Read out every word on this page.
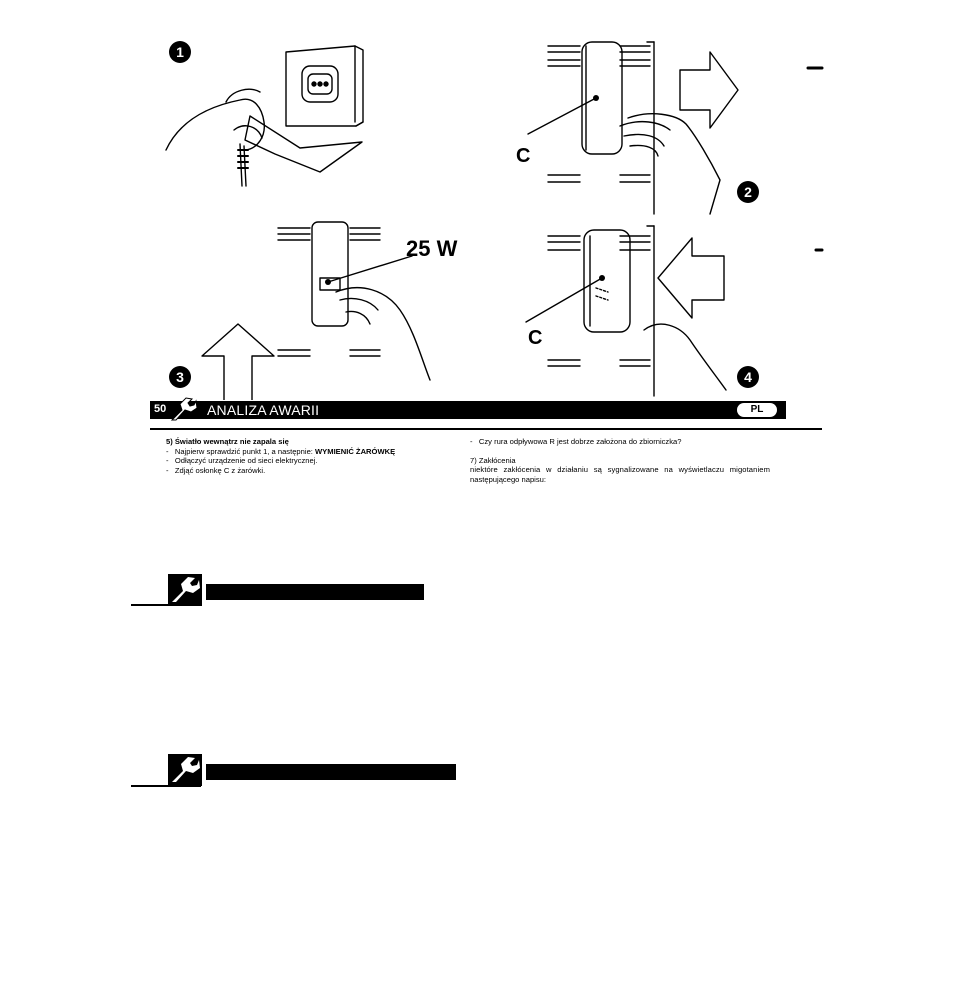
1
2
3	4
C
C
25 W
50	ANALIZA AWARII	PL
5) Światło wewnątrz nie zapala się
- Najpierw sprawdzić punkt 1, a następnie: WYMIENIĆ ŻARÓWKĘ
- Odłączyć urządzenie od sieci elektrycznej.
- Zdjąć osłonkę C z żarówki.
- Czy rura odpływowa R jest dobrze założona do zbiorniczka?
7) Zakłócenia
niektóre zakłócenia w działaniu są sygnalizowane na wyświetlaczu migotaniem
następującego napisu:
